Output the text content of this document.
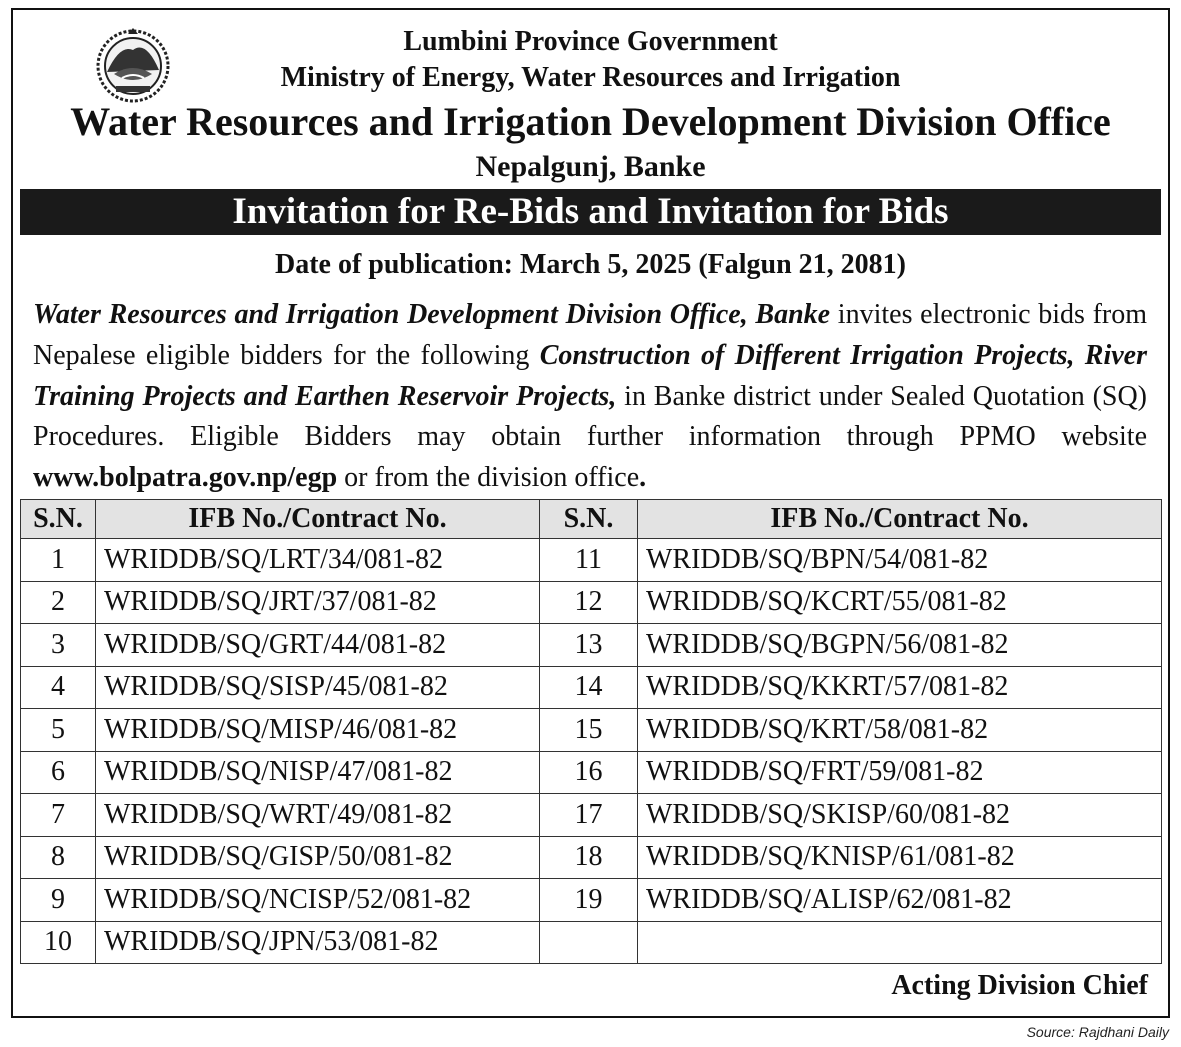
Lumbini Province Government
Ministry of Energy, Water Resources and Irrigation
Water Resources and Irrigation Development Division Office
Nepalgunj, Banke
Invitation for Re-Bids and Invitation for Bids
Date of publication: March 5, 2025 (Falgun 21, 2081)
Water Resources and Irrigation Development Division Office, Banke invites electronic bids from Nepalese eligible bidders for the following Construction of Different Irrigation Projects, River Training Projects and Earthen Reservoir Projects, in Banke district under Sealed Quotation (SQ) Procedures. Eligible Bidders may obtain further information through PPMO website www.bolpatra.gov.np/egp or from the division office.
S.N.	IFB No./Contract No.	S.N.	IFB No./Contract No.
1	WRIDDB/SQ/LRT/34/081-82	11	WRIDDB/SQ/BPN/54/081-82
2	WRIDDB/SQ/JRT/37/081-82	12	WRIDDB/SQ/KCRT/55/081-82
3	WRIDDB/SQ/GRT/44/081-82	13	WRIDDB/SQ/BGPN/56/081-82
4	WRIDDB/SQ/SISP/45/081-82	14	WRIDDB/SQ/KKRT/57/081-82
5	WRIDDB/SQ/MISP/46/081-82	15	WRIDDB/SQ/KRT/58/081-82
6	WRIDDB/SQ/NISP/47/081-82	16	WRIDDB/SQ/FRT/59/081-82
7	WRIDDB/SQ/WRT/49/081-82	17	WRIDDB/SQ/SKISP/60/081-82
8	WRIDDB/SQ/GISP/50/081-82	18	WRIDDB/SQ/KNISP/61/081-82
9	WRIDDB/SQ/NCISP/52/081-82	19	WRIDDB/SQ/ALISP/62/081-82
10	WRIDDB/SQ/JPN/53/081-82		
Acting Division Chief
Source: Rajdhani Daily
